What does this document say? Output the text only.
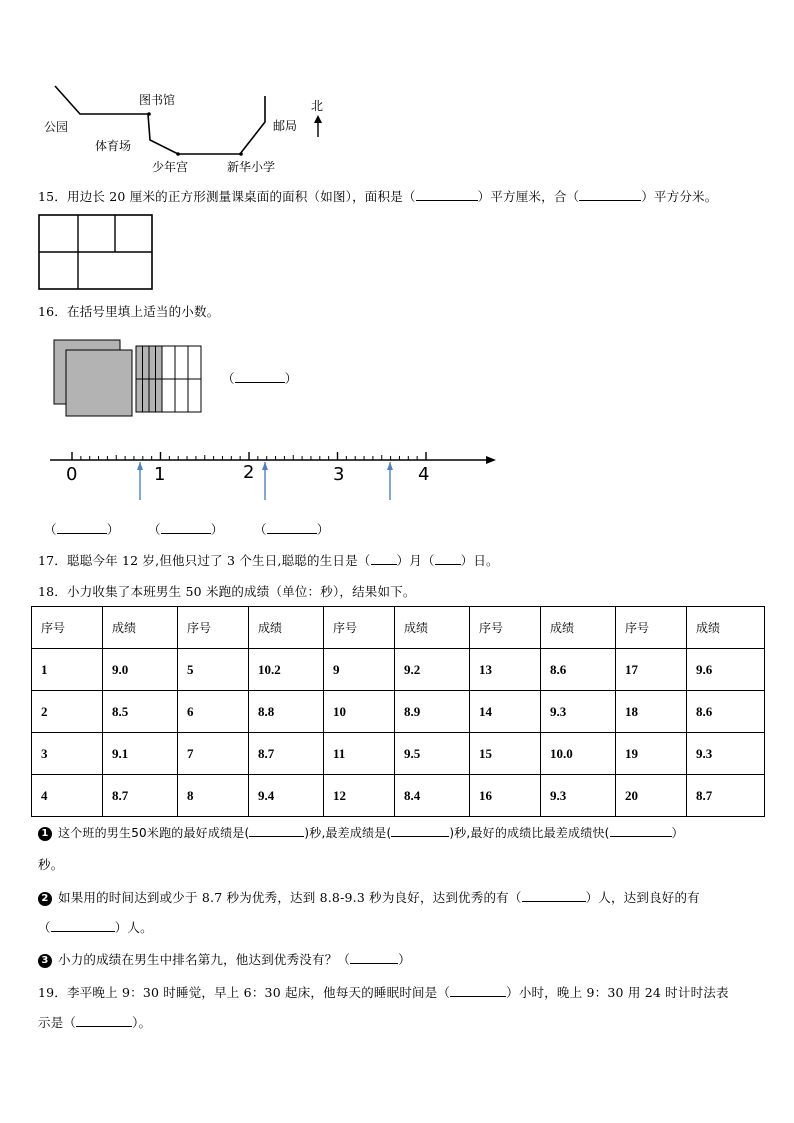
公园
图书馆
体育场
少年宫	新华小学
邮局
北
15．用边长 20 厘米的正方形测量课桌面的面积（如图），面积是（	）平方厘米，合（	）平方分米。
16．在括号里填上适当的小数。
（	）
0	1	2	3	4
（	） （	） （	）
17．聪聪今年 12 岁,但他只过了 3 个生日,聪聪的生日是（ ）月（ ）日。
18．小力收集了本班男生 50 米跑的成绩（单位：秒），结果如下。
序号	成绩	序号	成绩	序号	成绩	序号	成绩	序号	成绩
1	9.0	5	10.2	9	9.2	13	8.6	17	9.6
2	8.5	6	8.8	10	8.9	14	9.3	18	8.6
3	9.1	7	8.7	11	9.5	15	10.0	19	9.3
4	8.7	8	9.4	12	8.4	16	9.3	20	8.7
1 这个班的男生50米跑的最好成绩是(	)秒,最差成绩是(	)秒,最好的成绩比最差成绩快(	）
秒。
2 如果用的时间达到或少于 8.7 秒为优秀，达到 8.8-9.3 秒为良好，达到优秀的有（	）人，达到良好的有
（	）人。
3 小力的成绩在男生中排名第九，他达到优秀没有？（	）
19．李平晚上 9：30 时睡觉，早上 6：30 起床，他每天的睡眠时间是（	）小时，晚上 9：30 用 24 时计时法表
示是（	）。
